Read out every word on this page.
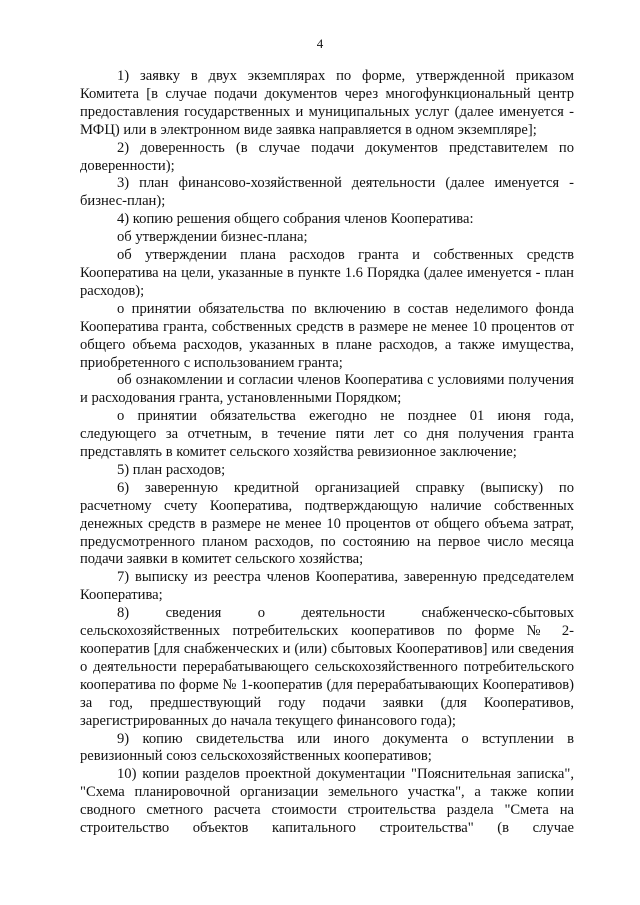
4

1) заявку в двух экземплярах по форме, утвержденной приказом Комитета [в случае подачи документов через многофункциональный центр предоставления государственных и муниципальных услуг (далее именуется - МФЦ) или в электронном виде заявка направляется в одном экземпляре];

2) доверенность (в случае подачи документов представителем по доверенности);

3) план финансово-хозяйственной деятельности (далее именуется - бизнес-план);

4) копию решения общего собрания членов Кооператива:

об утверждении бизнес-плана;

об утверждении плана расходов гранта и собственных средств Кооператива на цели, указанные в пункте 1.6 Порядка (далее именуется - план расходов);

о принятии обязательства по включению в состав неделимого фонда Кооператива гранта, собственных средств в размере не менее 10 процентов от общего объема расходов, указанных в плане расходов, а также имущества, приобретенного с использованием гранта;

об ознакомлении и согласии членов Кооператива с условиями получения и расходования гранта, установленными Порядком;

о принятии обязательства ежегодно не позднее 01 июня года, следующего за отчетным, в течение пяти лет со дня получения гранта представлять в комитет сельского хозяйства ревизионное заключение;

5) план расходов;

6) заверенную кредитной организацией справку (выписку) по расчетному счету Кооператива, подтверждающую наличие собственных денежных средств в размере не менее 10 процентов от общего объема затрат, предусмотренного планом расходов, по состоянию на первое число месяца подачи заявки в комитет сельского хозяйства;

7) выписку из реестра членов Кооператива, заверенную председателем Кооператива;

8) сведения о деятельности снабженческо-сбытовых сельскохозяйственных потребительских кооперативов по форме № 2-кооператив [для снабженческих и (или) сбытовых Кооперативов] или сведения о деятельности перерабатывающего сельскохозяйственного потребительского кооператива по форме № 1-кооператив (для перерабатывающих Кооперативов) за год, предшествующий году подачи заявки (для Кооперативов, зарегистрированных до начала текущего финансового года);

9) копию свидетельства или иного документа о вступлении в ревизионный союз сельскохозяйственных кооперативов;

10) копии разделов проектной документации "Пояснительная записка", "Схема планировочной организации земельного участка", а также копии сводного сметного расчета стоимости строительства раздела "Смета на строительство объектов капитального строительства" (в случае
